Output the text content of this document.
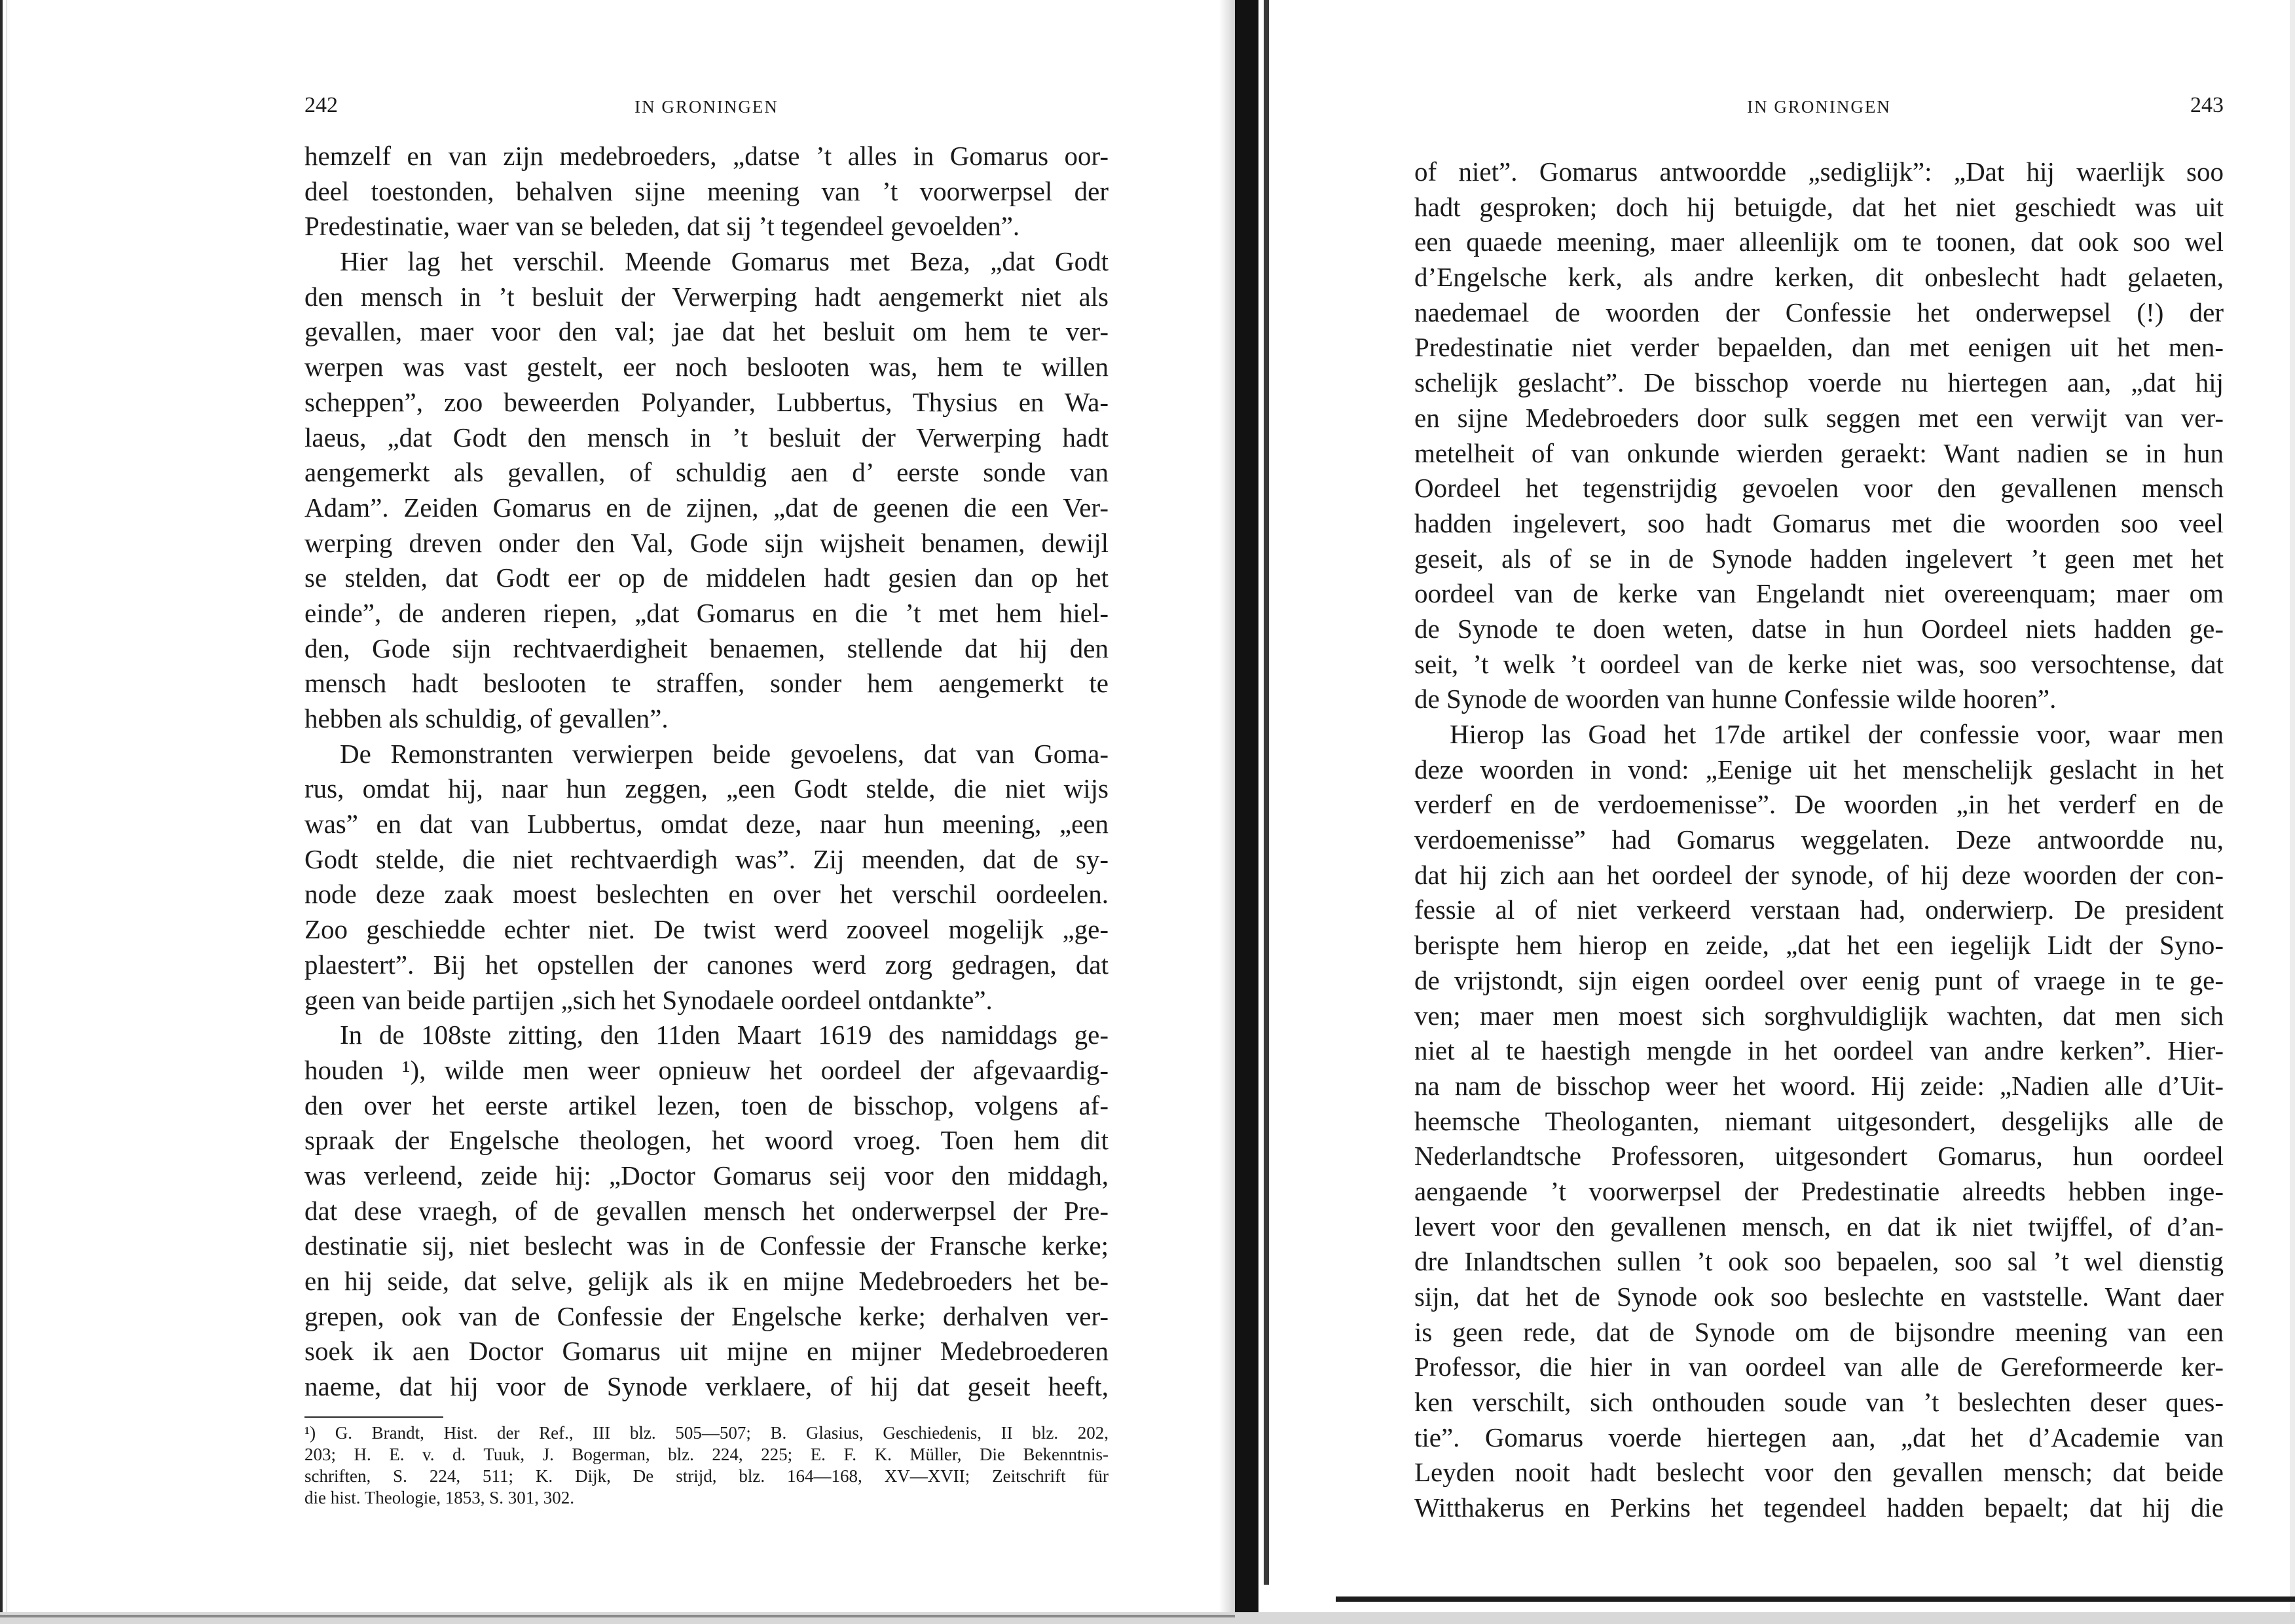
242	IN GRONINGEN
hemzelf en van zijn medebroeders, „datse ’t alles in Gomarus oor-
deel toestonden, behalven sijne meening van ’t voorwerpsel der
Predestinatie, waer van se beleden, dat sij ’t tegendeel gevoelden”.
Hier lag het verschil. Meende Gomarus met Beza, „dat Godt
den mensch in ’t besluit der Verwerping hadt aengemerkt niet als
gevallen, maer voor den val; jae dat het besluit om hem te ver-
werpen was vast gestelt, eer noch beslooten was, hem te willen
scheppen”, zoo beweerden Polyander, Lubbertus, Thysius en Wa-
laeus, „dat Godt den mensch in ’t besluit der Verwerping hadt
aengemerkt als gevallen, of schuldig aen d’ eerste sonde van
Adam”. Zeiden Gomarus en de zijnen, „dat de geenen die een Ver-
werping dreven onder den Val, Gode sijn wijsheit benamen, dewijl
se stelden, dat Godt eer op de middelen hadt gesien dan op het
einde”, de anderen riepen, „dat Gomarus en die ’t met hem hiel-
den, Gode sijn rechtvaerdigheit benaemen, stellende dat hij den
mensch hadt beslooten te straffen, sonder hem aengemerkt te
hebben als schuldig, of gevallen”.
De Remonstranten verwierpen beide gevoelens, dat van Goma-
rus, omdat hij, naar hun zeggen, „een Godt stelde, die niet wijs
was” en dat van Lubbertus, omdat deze, naar hun meening, „een
Godt stelde, die niet rechtvaerdigh was”. Zij meenden, dat de sy-
node deze zaak moest beslechten en over het verschil oordeelen.
Zoo geschiedde echter niet. De twist werd zooveel mogelijk „ge-
plaestert”. Bij het opstellen der canones werd zorg gedragen, dat
geen van beide partijen „sich het Synodaele oordeel ontdankte”.
In de 108ste zitting, den 11den Maart 1619 des namiddags ge-
houden ¹), wilde men weer opnieuw het oordeel der afgevaardig-
den over het eerste artikel lezen, toen de bisschop, volgens af-
spraak der Engelsche theologen, het woord vroeg. Toen hem dit
was verleend, zeide hij: „Doctor Gomarus seij voor den middagh,
dat dese vraegh, of de gevallen mensch het onderwerpsel der Pre-
destinatie sij, niet beslecht was in de Confessie der Fransche kerke;
en hij seide, dat selve, gelijk als ik en mijne Medebroeders het be-
grepen, ook van de Confessie der Engelsche kerke; derhalven ver-
soek ik aen Doctor Gomarus uit mijne en mijner Medebroederen
naeme, dat hij voor de Synode verklaere, of hij dat geseit heeft,
¹) G. Brandt, Hist. der Ref., III blz. 505—507; B. Glasius, Geschiedenis, II blz. 202,
203; H. E. v. d. Tuuk, J. Bogerman, blz. 224, 225; E. F. K. Müller, Die Bekenntnis-
schriften, S. 224, 511; K. Dijk, De strijd, blz. 164—168, XV—XVII; Zeitschrift für
die hist. Theologie, 1853, S. 301, 302.
IN GRONINGEN	243
of niet”. Gomarus antwoordde „sediglijk”: „Dat hij waerlijk soo
hadt gesproken; doch hij betuigde, dat het niet geschiedt was uit
een quaede meening, maer alleenlijk om te toonen, dat ook soo wel
d’Engelsche kerk, als andre kerken, dit onbeslecht hadt gelaeten,
naedemael de woorden der Confessie het onderwepsel (!) der
Predestinatie niet verder bepaelden, dan met eenigen uit het men-
schelijk geslacht”. De bisschop voerde nu hiertegen aan, „dat hij
en sijne Medebroeders door sulk seggen met een verwijt van ver-
metelheit of van onkunde wierden geraekt: Want nadien se in hun
Oordeel het tegenstrijdig gevoelen voor den gevallenen mensch
hadden ingelevert, soo hadt Gomarus met die woorden soo veel
geseit, als of se in de Synode hadden ingelevert ’t geen met het
oordeel van de kerke van Engelandt niet overeenquam; maer om
de Synode te doen weten, datse in hun Oordeel niets hadden ge-
seit, ’t welk ’t oordeel van de kerke niet was, soo versochtense, dat
de Synode de woorden van hunne Confessie wilde hooren”.
Hierop las Goad het 17de artikel der confessie voor, waar men
deze woorden in vond: „Eenige uit het menschelijk geslacht in het
verderf en de verdoemenisse”. De woorden „in het verderf en de
verdoemenisse” had Gomarus weggelaten. Deze antwoordde nu,
dat hij zich aan het oordeel der synode, of hij deze woorden der con-
fessie al of niet verkeerd verstaan had, onderwierp. De president
berispte hem hierop en zeide, „dat het een iegelijk Lidt der Syno-
de vrijstondt, sijn eigen oordeel over eenig punt of vraege in te ge-
ven; maer men moest sich sorghvuldiglijk wachten, dat men sich
niet al te haestigh mengde in het oordeel van andre kerken”. Hier-
na nam de bisschop weer het woord. Hij zeide: „Nadien alle d’Uit-
heemsche Theologanten, niemant uitgesondert, desgelijks alle de
Nederlandtsche Professoren, uitgesondert Gomarus, hun oordeel
aengaende ’t voorwerpsel der Predestinatie alreedts hebben inge-
levert voor den gevallenen mensch, en dat ik niet twijffel, of d’an-
dre Inlandtschen sullen ’t ook soo bepaelen, soo sal ’t wel dienstig
sijn, dat het de Synode ook soo beslechte en vaststelle. Want daer
is geen rede, dat de Synode om de bijsondre meening van een
Professor, die hier in van oordeel van alle de Gereformeerde ker-
ken verschilt, sich onthouden soude van ’t beslechten deser ques-
tie”. Gomarus voerde hiertegen aan, „dat het d’Academie van
Leyden nooit hadt beslecht voor den gevallen mensch; dat beide
Witthakerus en Perkins het tegendeel hadden bepaelt; dat hij die
